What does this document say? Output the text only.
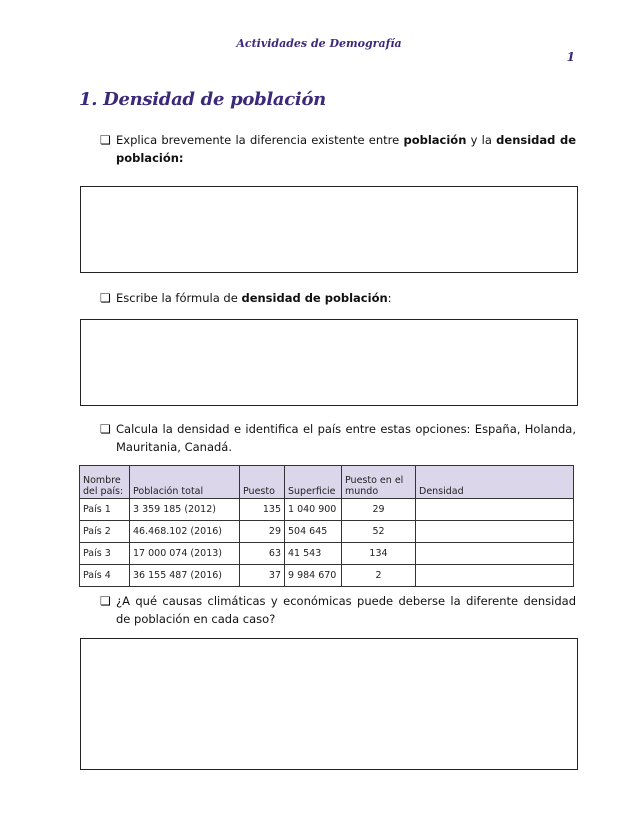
Actividades de Demografía
1
1. Densidad de población
❏ Explica brevemente la diferencia existente entre población y la densidad de población:
❏ Escribe la fórmula de densidad de población:
❏ Calcula la densidad e identifica el país entre estas opciones: España, Holanda, Mauritania, Canadá.
Nombre del país:	Población total	Puesto	Superficie	Puesto en el mundo	Densidad
País 1	3 359 185 (2012)	135	1 040 900	29	
País 2	46.468.102 (2016)	29	504 645	52	
País 3	17 000 074 (2013)	63	41 543	134	
País 4	36 155 487 (2016)	37	9 984 670	2	
❏ ¿A qué causas climáticas y económicas puede deberse la diferente densidad de población en cada caso?
